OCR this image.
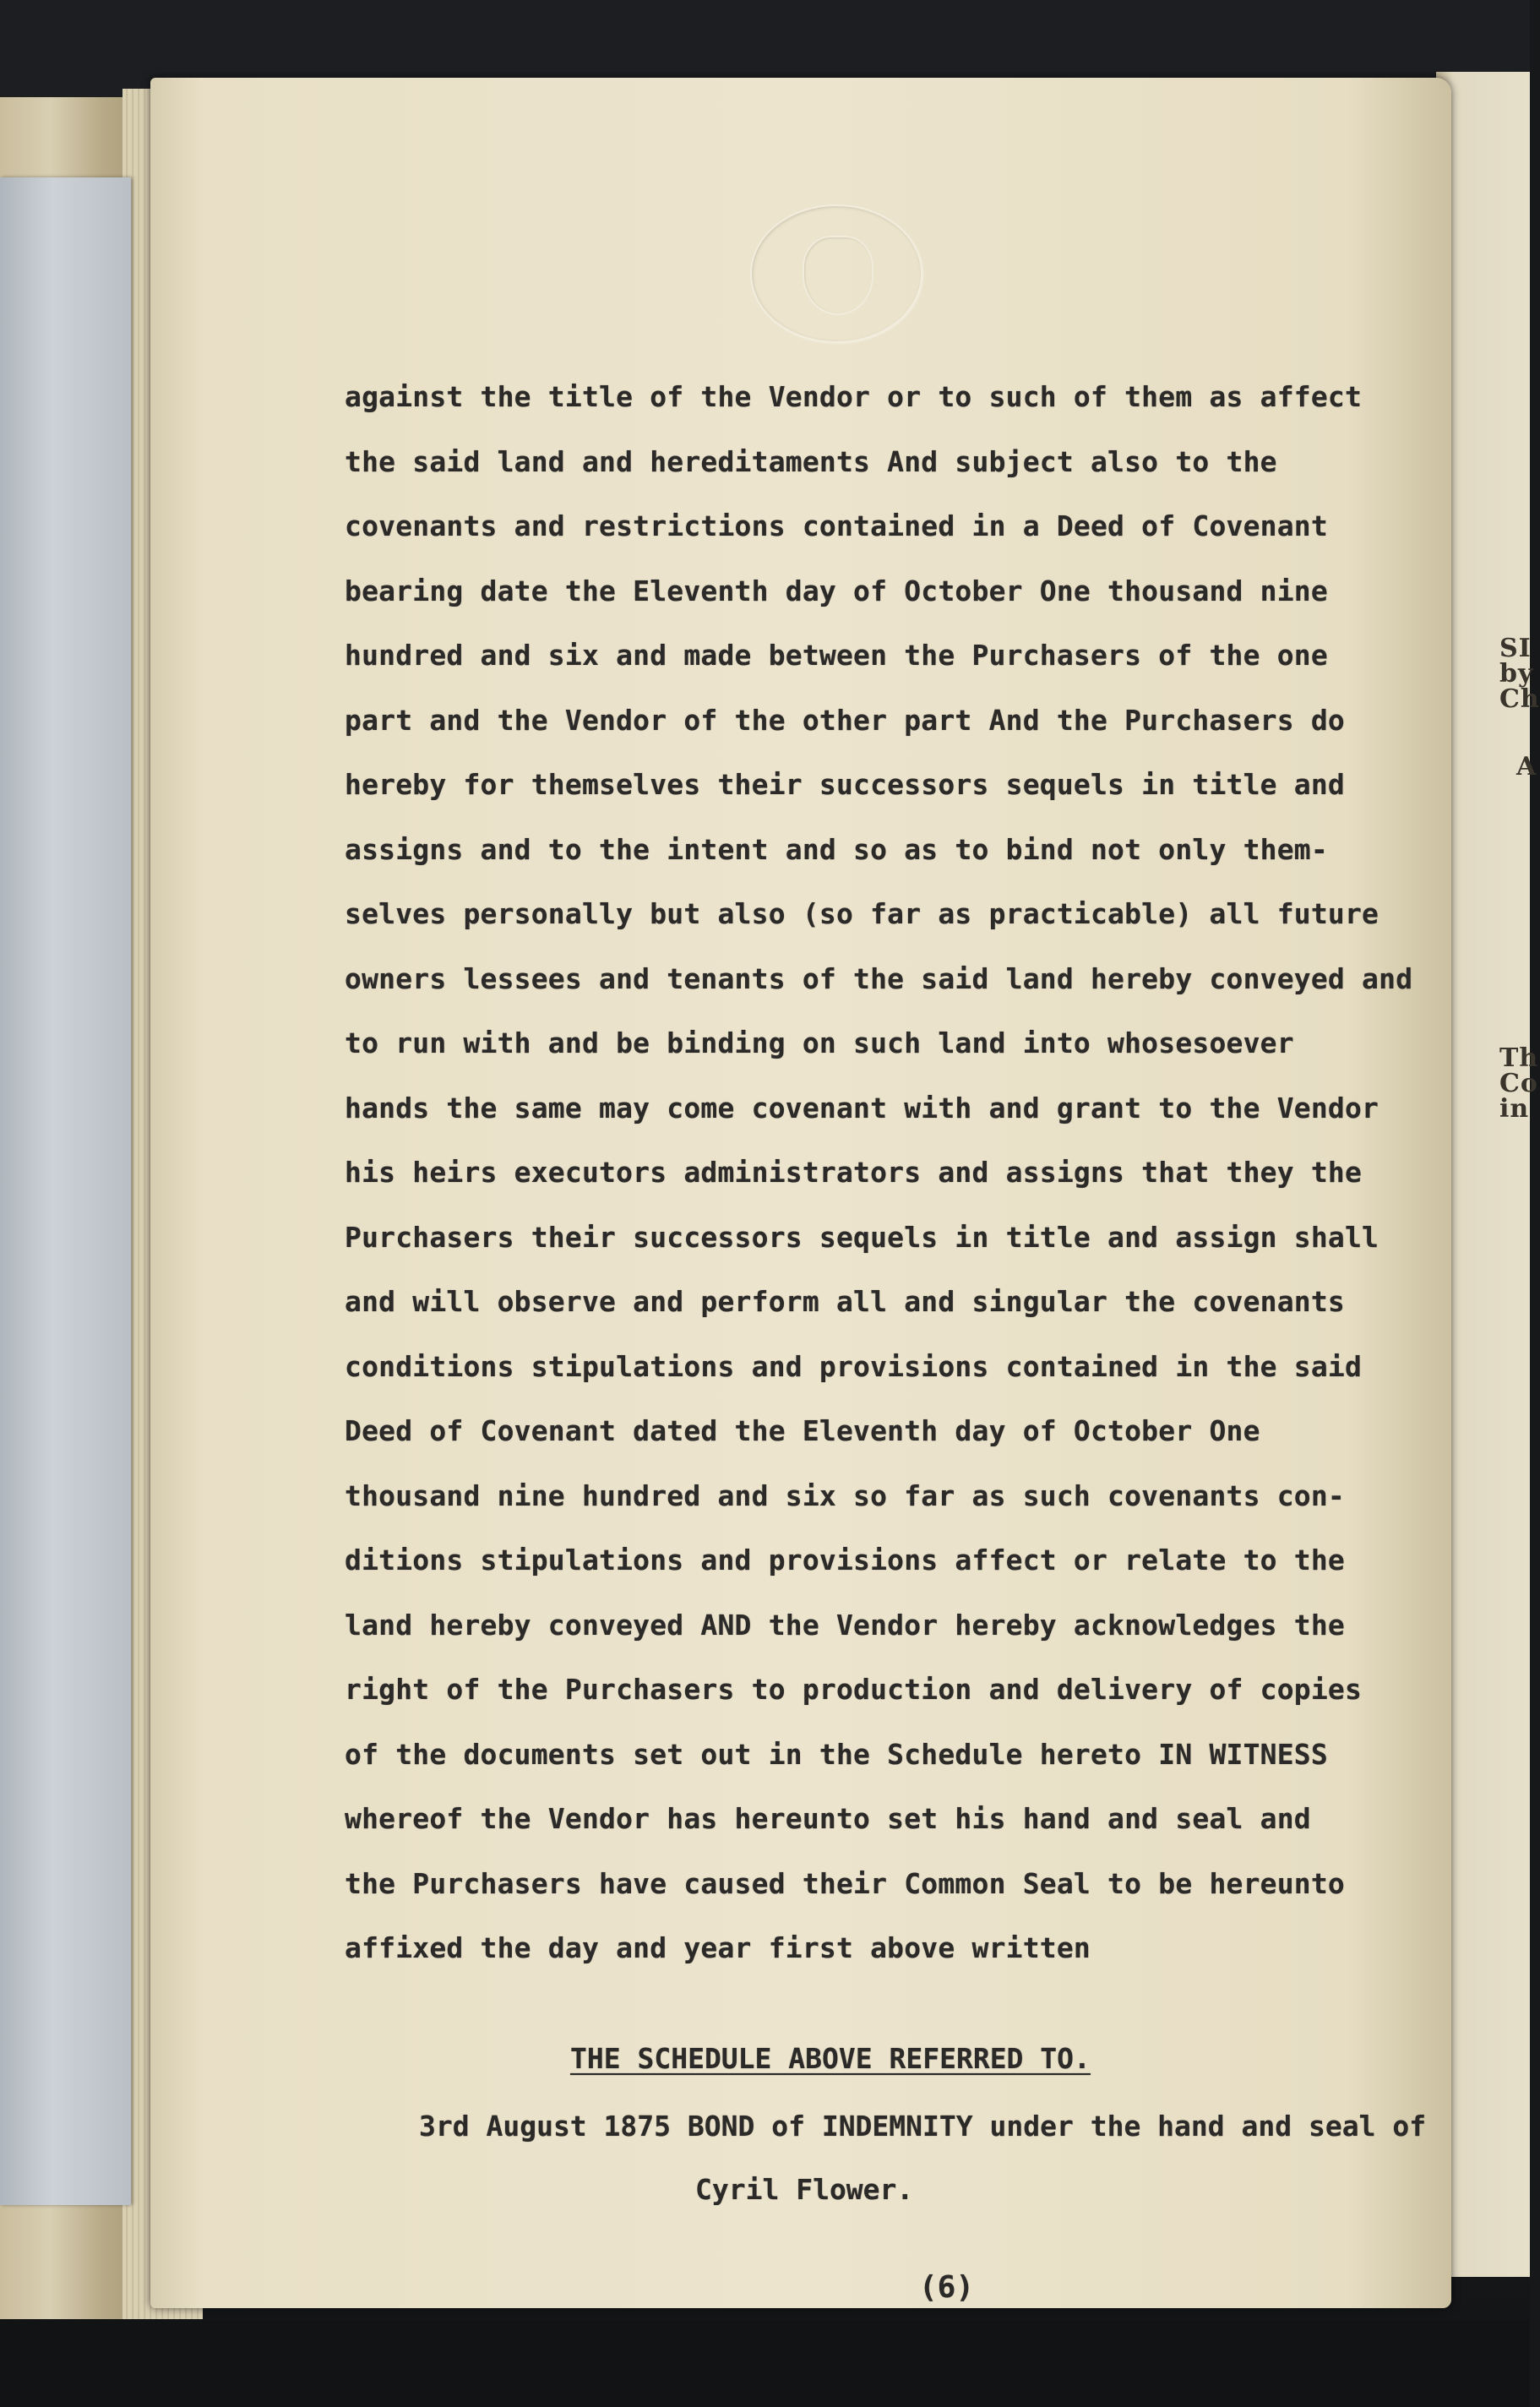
SI
by
Ch
A
Th
Co
in
against the title of the Vendor or to such of them as affect
the said land and hereditaments And subject also to the
covenants and restrictions contained in a Deed of Covenant
bearing date the Eleventh day of October One thousand nine
hundred and six and made between the Purchasers of the one
part and the Vendor of the other part And the Purchasers do
hereby for themselves their successors sequels in title and
assigns and to the intent and so as to bind not only them-
selves personally but also (so far as practicable) all future
owners lessees and tenants of the said land hereby conveyed and
to run with and be binding on such land into whosesoever
hands the same may come covenant with and grant to the Vendor
his heirs executors administrators and assigns that they the
Purchasers their successors sequels in title and assign shall
and will observe and perform all and singular the covenants
conditions stipulations and provisions contained in the said
Deed of Covenant dated the Eleventh day of October One
thousand nine hundred and six so far as such covenants con-
ditions stipulations and provisions affect or relate to the
land hereby conveyed AND the Vendor hereby acknowledges the
right of the Purchasers to production and delivery of copies
of the documents set out in the Schedule hereto IN WITNESS
whereof the Vendor has hereunto set his hand and seal and
the Purchasers have caused their Common Seal to be hereunto
affixed the day and year first above written
THE SCHEDULE ABOVE REFERRED TO.
3rd August 1875 BOND of INDEMNITY under the hand and seal of
Cyril Flower.
(6)
